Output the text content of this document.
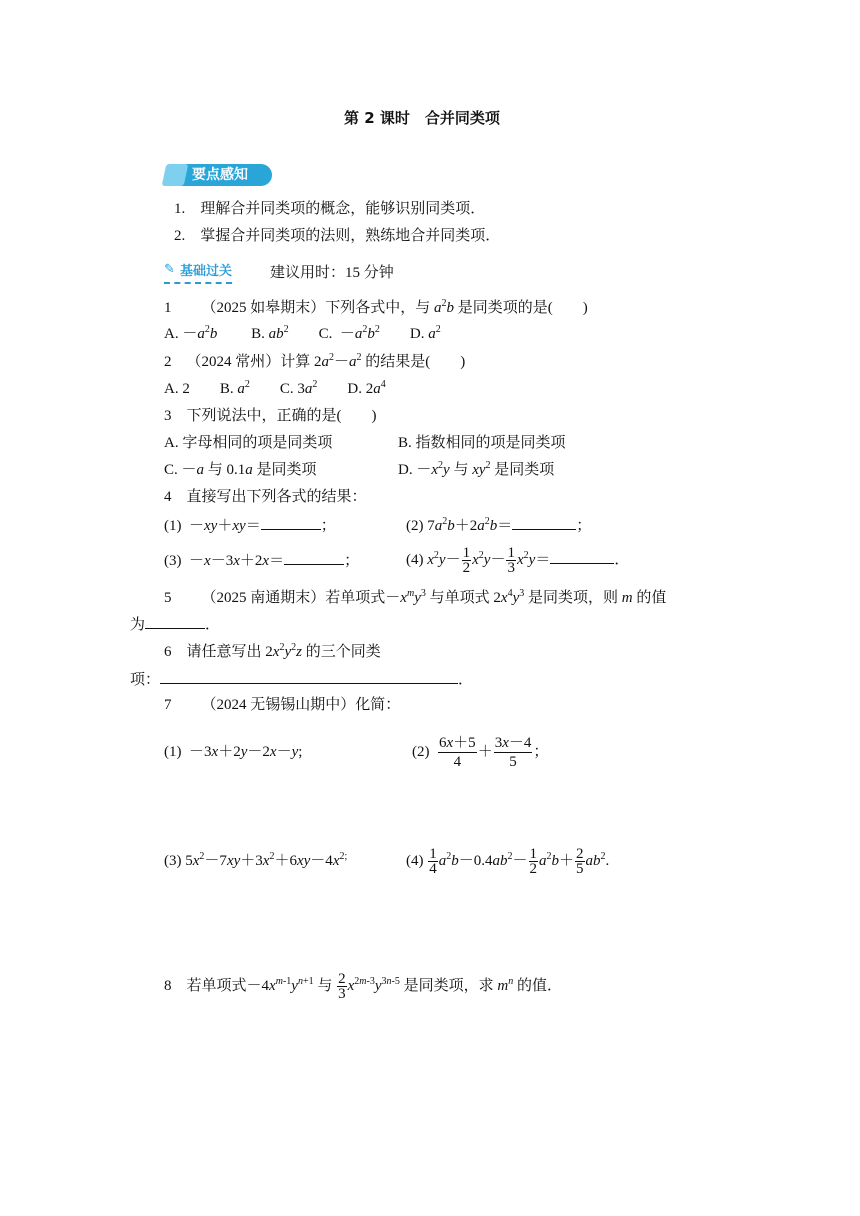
第 2 课时　合并同类项
要点感知
1.　理解合并同类项的概念，能够识别同类项．
2.　掌握合并同类项的法则，熟练地合并同类项．
✎ 基础过关	建议用时：15 分钟
1   （2025 如皋期末）下列各式中，与 $a^2b$ 是同类项的是(　　)
A. $-a^2b$   B. $ab^2$   C. $-a^2b^2$   D. $a^2$
2  （2024 常州）计算 $2a^2-a^2$ 的结果是(　　)
A. 2   B. $a^2$   C. $3a^2$   D. $2a^4$
3  下列说法中，正确的是(　　)
A. 字母相同的项是同类项	B. 指数相同的项是同类项
C. －a 与 0.1a 是同类项	D. $-x^2y$ 与 $xy^2$ 是同类项
4  直接写出下列各式的结果：
(1)  －xy＋xy＝	；	(2) $7a^2b+2a^2b=$	；
(3)  －x－3x＋2x＝	；	(4) $x^2y- \frac{1}{2} x^2y- \frac{1}{3} x^2y=$	．
5   （2025 南通期末）若单项式$-x^my^3$ 与单项式 $2x^4y^3$ 是同类项，则 m 的值
为	．
6  请任意写出 $2x^2y^2z$ 的三个同类
项：	．
7   （2024 无锡锡山期中）化简：
(1)  －3x＋2y－2x－y;	$(2) \frac{6x+5}{4} + \frac{3x-4}{5}$ ；
(3) $5x^2-7xy+3x^2+6xy-4x^{2;}$	$(4) \frac{1}{4} a^2b-0.4ab^2- \frac{1}{2} a^2b+ \frac{2}{5} ab^2$.
8  若单项式$-4x^{m-1}y^{n+1}$ 与 $\frac{2}{3} x^{2m-3}y^{3n-5}$ 是同类项，求 $m^n$ 的值．
